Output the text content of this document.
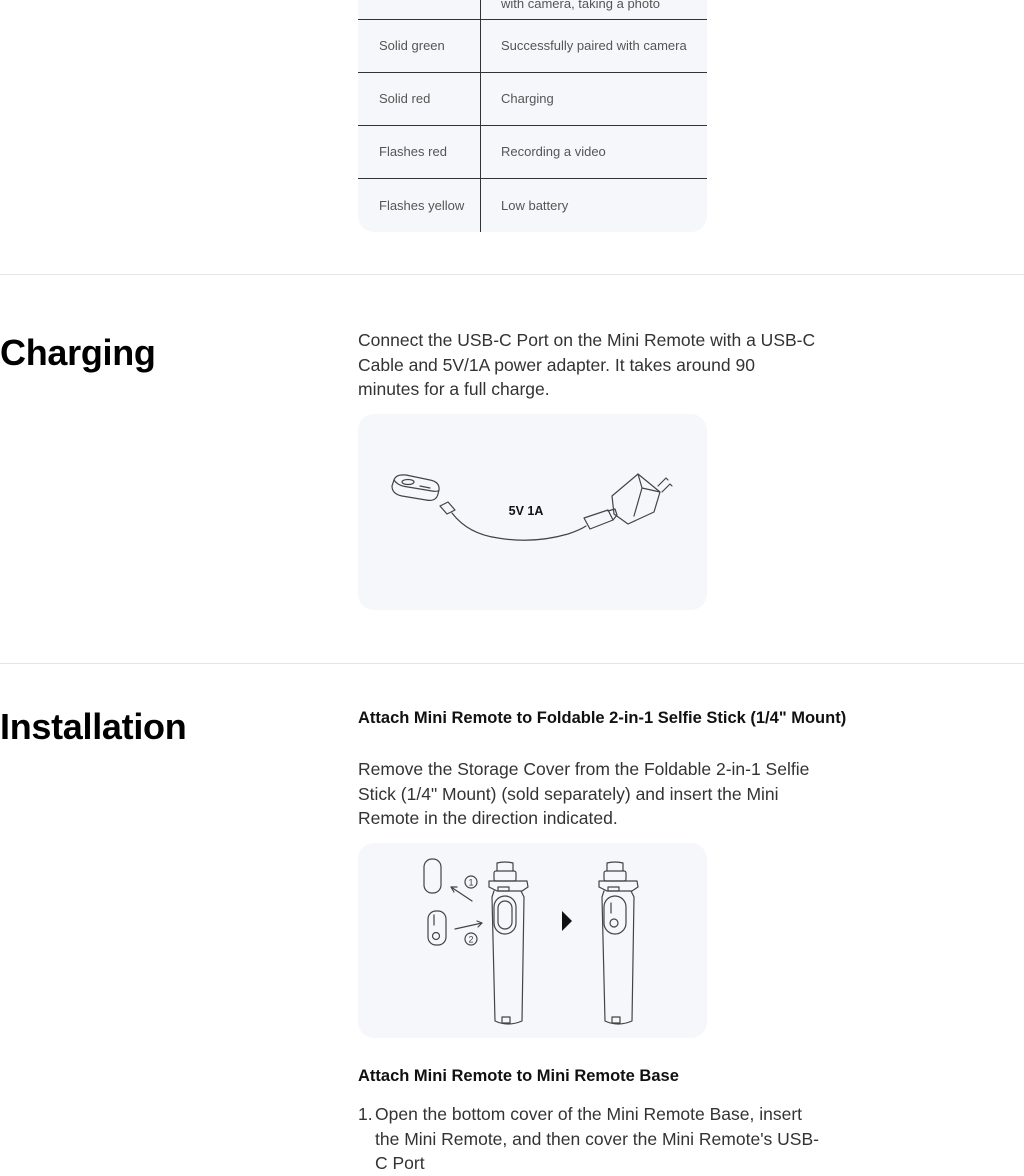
with camera, taking a photo
Solid green	Successfully paired with camera
Solid red	Charging
Flashes red	Recording a video
Flashes yellow	Low battery
Charging	Connect the USB-C Port on the Mini Remote with a USB-C Cable and 5V/1A power adapter. It takes around 90 minutes for a full charge.
5V 1A
Installation	Attach Mini Remote to Foldable 2-in-1 Selfie Stick (1/4" Mount)
Remove the Storage Cover from the Foldable 2-in-1 Selfie Stick (1/4" Mount) (sold separately) and insert the Mini Remote in the direction indicated.
1
2
Attach Mini Remote to Mini Remote Base
1. Open the bottom cover of the Mini Remote Base, insert the Mini Remote, and then cover the Mini Remote's USB-C Port
